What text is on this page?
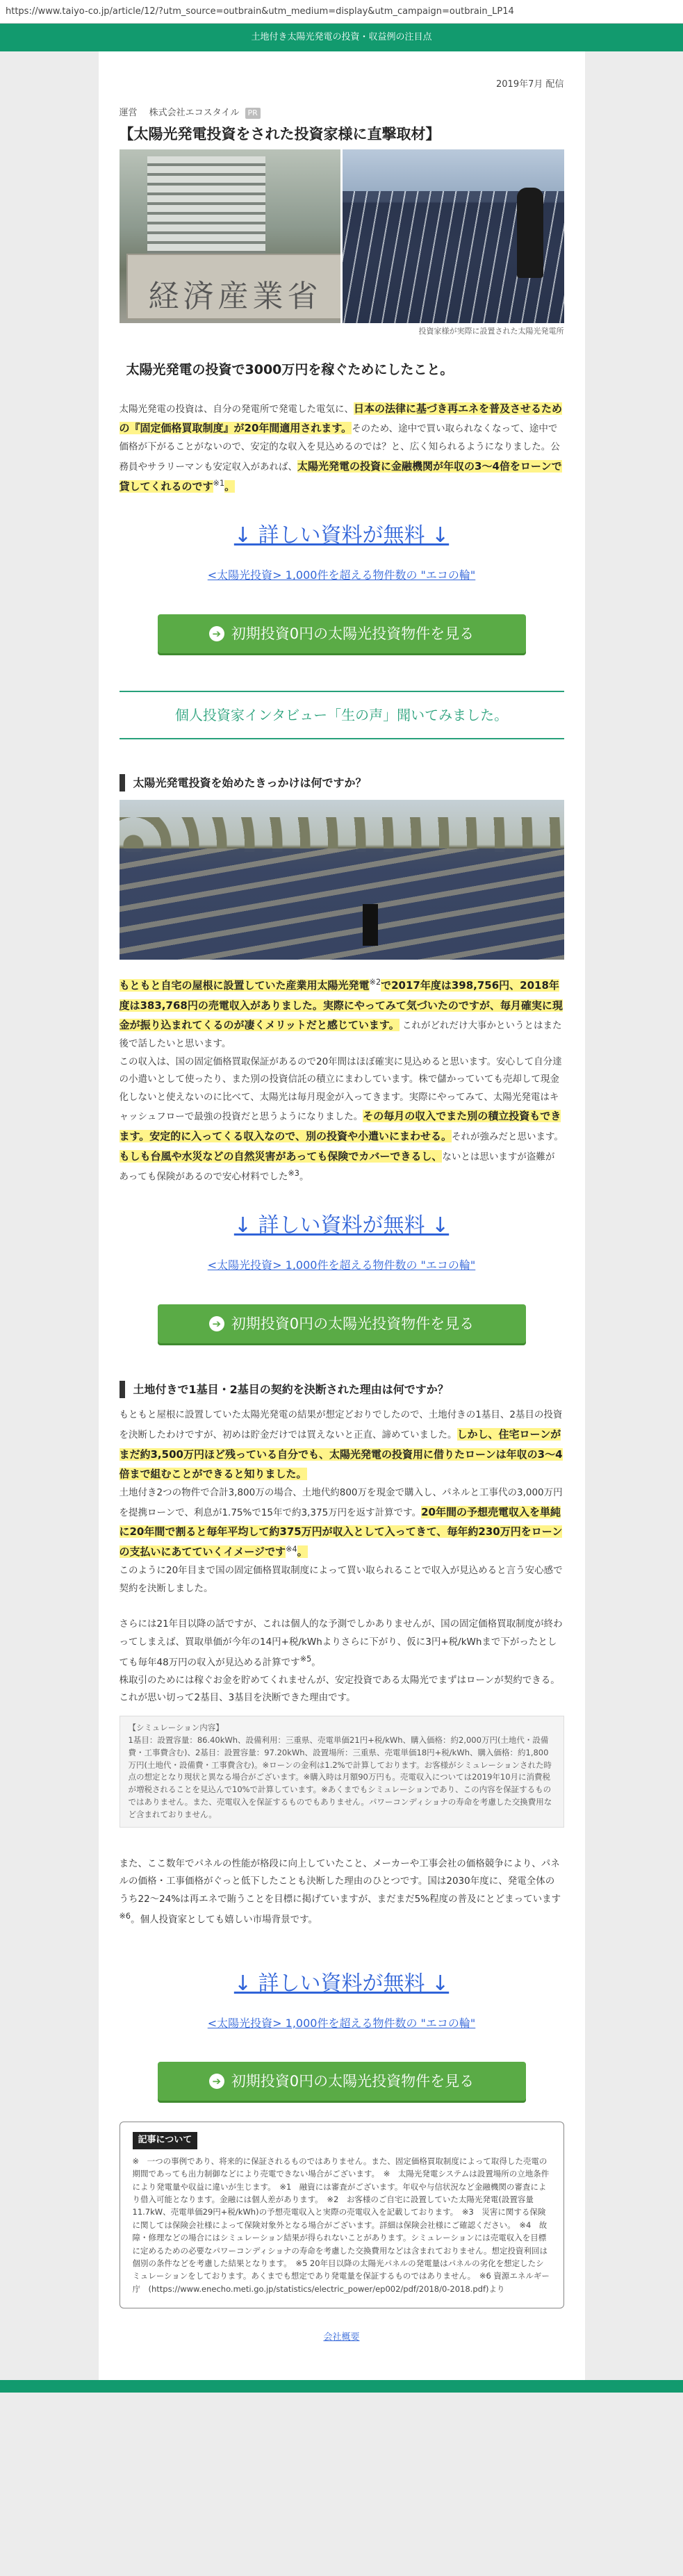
https://www.taiyo-co.jp/article/12/?utm_source=outbrain&utm_medium=display&utm_campaign=outbrain_LP14
土地付き太陽光発電の投資・収益例の注目点
2019年7月 配信
運営　 株式会社エコスタイル PR
【太陽光発電投資をされた投資家様に直撃取材】
経済産業省
投資家様が実際に設置された太陽光発電所
太陽光発電の投資で3000万円を稼ぐためにしたこと。

太陽光発電の投資は、自分の発電所で発電した電気に、日本の法律に基づき再エネを普及させるための『固定価格買取制度』が20年間適用されます。そのため、途中で買い取られなくなって、途中で価格が下がることがないので、安定的な収入を見込めるのでは？と、広く知られるようになりました。公務員やサラリーマンも安定収入があれば、太陽光発電の投資に金融機関が年収の3～4倍をローンで貸してくれるのです$^{※1}$。

↓ 詳しい資料が無料 ↓
<太陽光投資> 1,000件を超える物件数の "エコの輪"
➔ 初期投資0円の太陽光投資物件を見る
個人投資家インタビュー「生の声」聞いてみました。
太陽光発電投資を始めたきっかけは何ですか？

もともと自宅の屋根に設置していた産業用太陽光発電$^{※2}$で2017年度は398,756円、2018年度は383,768円の売電収入がありました。実際にやってみて気づいたのですが、毎月確実に現金が振り込まれてくるのが凄くメリットだと感じています。 これがどれだけ大事かというとはまた後で話したいと思います。
この収入は、国の固定価格買取保証があるので20年間はほぼ確実に見込めると思います。安心して自分達の小遣いとして使ったり、また別の投資信託の積立にまわしています。株で儲かっていても売却して現金化しないと使えないのに比べて、太陽光は毎月現金が入ってきます。実際にやってみて、太陽光発電はキャッシュフローで最強の投資だと思うようになりました。その毎月の収入でまた別の積立投資もできます。安定的に入ってくる収入なので、別の投資や小遣いにまわせる。それが強みだと思います。
もしも台風や水災などの自然災害があっても保険でカバーできるし、ないとは思いますが盗難があっても保険があるので安心材料でした$^{※3}$。

↓ 詳しい資料が無料 ↓
<太陽光投資> 1,000件を超える物件数の "エコの輪"
➔ 初期投資0円の太陽光投資物件を見る
土地付きで1基目・2基目の契約を決断された理由は何ですか？

もともと屋根に設置していた太陽光発電の結果が想定どおりでしたので、土地付きの1基目、2基目の投資を決断したわけですが、初めは貯金だけでは買えないと正直、諦めていました。しかし、住宅ローンがまだ約3,500万円ほど残っている自分でも、太陽光発電の投資用に借りたローンは年収の3～4倍まで組むことができると知りました。
土地付き2つの物件で合計3,800万の場合、土地代約800万を現金で購入し、パネルと工事代の3,000万円を提携ローンで、利息が1.75%で15年で約3,375万円を返す計算です。20年間の予想売電収入を単純に20年間で割ると毎年平均して約375万円が収入として入ってきて、毎年約230万円をローンの支払いにあてていくイメージです$^{※4}$。
このように20年目まで国の固定価格買取制度によって買い取られることで収入が見込めると言う安心感で契約を決断しました。

さらには21年目以降の話ですが、これは個人的な予測でしかありませんが、国の固定価格買取制度が終わってしまえば、買取単価が今年の14円+税/kWhよりさらに下がり、仮に3円+税/kWhまで下がったとしても毎年48万円の収入が見込める計算です$^{※5}$。
株取引のためには稼ぐお金を貯めてくれませんが、安定投資である太陽光でまずはローンが契約できる。これが思い切って2基目、3基目を決断できた理由です。

【シミュレーション内容】
1基目：設置容量：86.40kWh、設備利用：三重県、売電単価21円+税/kWh、購入価格：約2,000万円(土地代・設備費・工事費含む)、2基目：設置容量：97.20kWh、設置場所：三重県、売電単価18円+税/kWh、購入価格：約1,800万円(土地代・設備費・工事費含む)。※ローンの金利は1.2%で計算しております。お客様がシミュレーションされた時点の想定となり現状と異なる場合がございます。※購入時は月額90万円も。売電収入については2019年10月に消費税が増税されることを見込んで10%で計算しています。※あくまでもシミュレーションであり、この内容を保証するものではありません。また、売電収入を保証するものでもありません。パワーコンディショナの寿命を考慮した交換費用など含まれておりません。

また、ここ数年でパネルの性能が格段に向上していたこと、メーカーや工事会社の価格競争により、パネルの価格・工事価格がぐっと低下したことも決断した理由のひとつです。国は2030年度に、発電全体のうち22～24%は再エネで賄うことを目標に掲げていますが、まだまだ5%程度の普及にとどまっています$^{※6}$。個人投資家としても嬉しい市場背景です。

↓ 詳しい資料が無料 ↓
<太陽光投資> 1,000件を超える物件数の "エコの輪"
➔ 初期投資0円の太陽光投資物件を見る
記事について
※　一つの事例であり、将来的に保証されるものではありません。また、固定価格買取制度によって取得した売電の期間であっても出力制御などにより売電できない場合がございます。　※　太陽光発電システムは設置場所の立地条件により発電量や収益に違いが生じます。　※1　融資には審査がございます。年収や与信状況など金融機関の審査により借入可能となります。金融には個人差があります。　※2　お客様のご自宅に設置していた太陽光発電(設置容量11.7kW、売電単価29円+税/kWh)の予想売電収入と実際の売電収入を記載しております。　※3　災害に関する保険に関しては保険会社様によって保険対象外となる場合がございます。詳細は保険会社様にご確認ください。　※4　故障・修理などの場合にはシミュレーション結果が得られないことがあります。シミュレーションには売電収入を目標に定めるための必要なパワーコンディショナの寿命を考慮した交換費用などは含まれておりません。想定投資利回は個別の条件などを考慮した結果となります。　※5 20年目以降の太陽光パネルの発電量はパネルの劣化を想定したシミュレーションをしております。あくまでも想定であり発電量を保証するものではありません。　※6 資源エネルギー庁　(https://www.enecho.meti.go.jp/statistics/electric_power/ep002/pdf/2018/0-2018.pdf)より
会社概要
